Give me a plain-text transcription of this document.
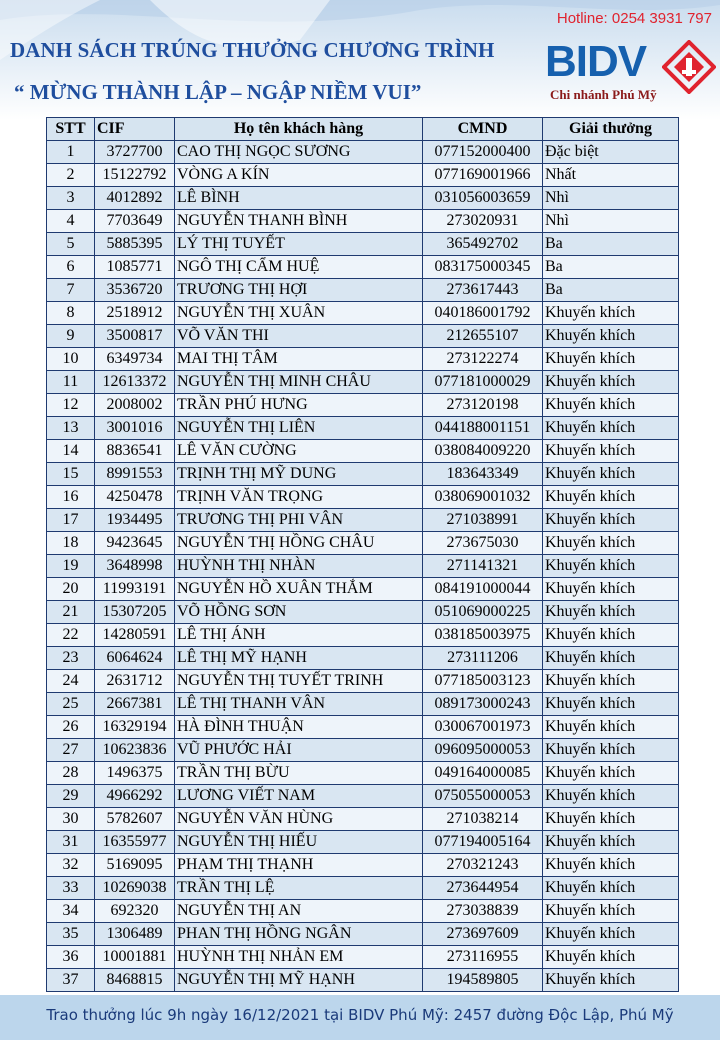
Hotline: 0254 3931 797
DANH SÁCH TRÚNG THƯỞNG CHƯƠNG TRÌNH
“ MỪNG THÀNH LẬP – NGẬP NIỀM VUI”
BIDV
Chi nhánh Phú Mỹ
STT	CIF	Họ tên khách hàng	CMND	Giải thưởng
1	3727700	CAO THỊ NGỌC SƯƠNG	077152000400	Đặc biệt
2	15122792	VÒNG A KÍN	077169001966	Nhất
3	4012892	LÊ BÌNH	031056003659	Nhì
4	7703649	NGUYỄN THANH BÌNH	273020931	Nhì
5	5885395	LÝ THỊ TUYẾT	365492702	Ba
6	1085771	NGÔ THỊ CẨM HUỆ	083175000345	Ba
7	3536720	TRƯƠNG THỊ HỢI	273617443	Ba
8	2518912	NGUYỄN THỊ XUÂN	040186001792	Khuyến khích
9	3500817	VÕ VĂN THI	212655107	Khuyến khích
10	6349734	MAI THỊ TÂM	273122274	Khuyến khích
11	12613372	NGUYỄN THỊ MINH CHÂU	077181000029	Khuyến khích
12	2008002	TRẦN PHÚ HƯNG	273120198	Khuyến khích
13	3001016	NGUYỄN THỊ LIÊN	044188001151	Khuyến khích
14	8836541	LÊ VĂN CƯỜNG	038084009220	Khuyến khích
15	8991553	TRỊNH THỊ MỸ DUNG	183643349	Khuyến khích
16	4250478	TRỊNH VĂN TRỌNG	038069001032	Khuyến khích
17	1934495	TRƯƠNG THỊ PHI VÂN	271038991	Khuyến khích
18	9423645	NGUYỄN THỊ HỒNG CHÂU	273675030	Khuyến khích
19	3648998	HUỲNH THỊ NHÀN	271141321	Khuyến khích
20	11993191	NGUYỄN HỒ XUÂN THẮM	084191000044	Khuyến khích
21	15307205	VÕ HỒNG SƠN	051069000225	Khuyến khích
22	14280591	LÊ THỊ ÁNH	038185003975	Khuyến khích
23	6064624	LÊ THỊ MỸ HẠNH	273111206	Khuyến khích
24	2631712	NGUYỄN THỊ TUYẾT TRINH	077185003123	Khuyến khích
25	2667381	LÊ THỊ THANH VÂN	089173000243	Khuyến khích
26	16329194	HÀ ĐÌNH THUẬN	030067001973	Khuyến khích
27	10623836	VŨ PHƯỚC HẢI	096095000053	Khuyến khích
28	1496375	TRẦN THỊ BỪU	049164000085	Khuyến khích
29	4966292	LƯƠNG VIẾT NAM	075055000053	Khuyến khích
30	5782607	NGUYỄN VĂN HÙNG	271038214	Khuyến khích
31	16355977	NGUYỄN THỊ HIẾU	077194005164	Khuyến khích
32	5169095	PHẠM THỊ THẠNH	270321243	Khuyến khích
33	10269038	TRẦN THỊ LỆ	273644954	Khuyến khích
34	692320	NGUYỄN THỊ AN	273038839	Khuyến khích
35	1306489	PHAN THỊ HỒNG NGÂN	273697609	Khuyến khích
36	10001881	HUỲNH THỊ NHẢN EM	273116955	Khuyến khích
37	8468815	NGUYỄN THỊ MỸ HẠNH	194589805	Khuyến khích
Trao thưởng lúc 9h ngày 16/12/2021 tại BIDV Phú Mỹ: 2457 đường Độc Lập, Phú Mỹ
